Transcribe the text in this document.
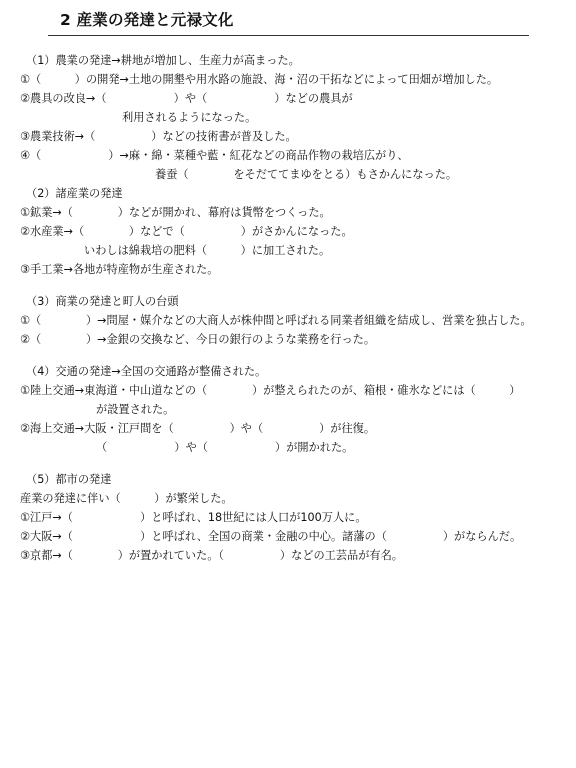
2 産業の発達と元禄文化
（1）農業の発達→耕地が増加し、生産力が高まった。
①（　　　）の開発→土地の開墾や用水路の施設、海・沼の干拓などによって田畑が増加した。
②農具の改良→（　　　　　　）や（　　　　　　）などの農具が
利用されるようになった。
③農業技術→（　　　　　）などの技術書が普及した。
④（　　　　　　）→麻・綿・菜種や藍・紅花などの商品作物の栽培広がり、
養蚕（　　　　をそだててまゆをとる）もさかんになった。
（2）諸産業の発達
①鉱業→（　　　　）などが開かれ、幕府は貨幣をつくった。
②水産業→（　　　　）などで（　　　　　）がさかんになった。
いわしは綿栽培の肥料（　　　）に加工された。
③手工業→各地が特産物が生産された。
（3）商業の発達と町人の台頭
①（　　　　）→問屋・媒介などの大商人が株仲間と呼ばれる同業者組織を結成し、営業を独占した。
②（　　　　）→金銀の交換など、今日の銀行のような業務を行った。
（4）交通の発達→全国の交通路が整備された。
①陸上交通→東海道・中山道などの（　　　　）が整えられたのが、箱根・碓氷などには（　　　）
が設置された。
②海上交通→大阪・江戸間を（　　　　　）や（　　　　　）が往復。
（　　　　　　）や（　　　　　　）が開かれた。
（5）都市の発達
産業の発達に伴い（　　　）が繁栄した。
①江戸→（　　　　　　）と呼ばれ、18世紀には人口が100万人に。
②大阪→（　　　　　　）と呼ばれ、全国の商業・金融の中心。諸藩の（　　　　　）がならんだ。
③京都→（　　　　）が置かれていた。（　　　　　）などの工芸品が有名。
